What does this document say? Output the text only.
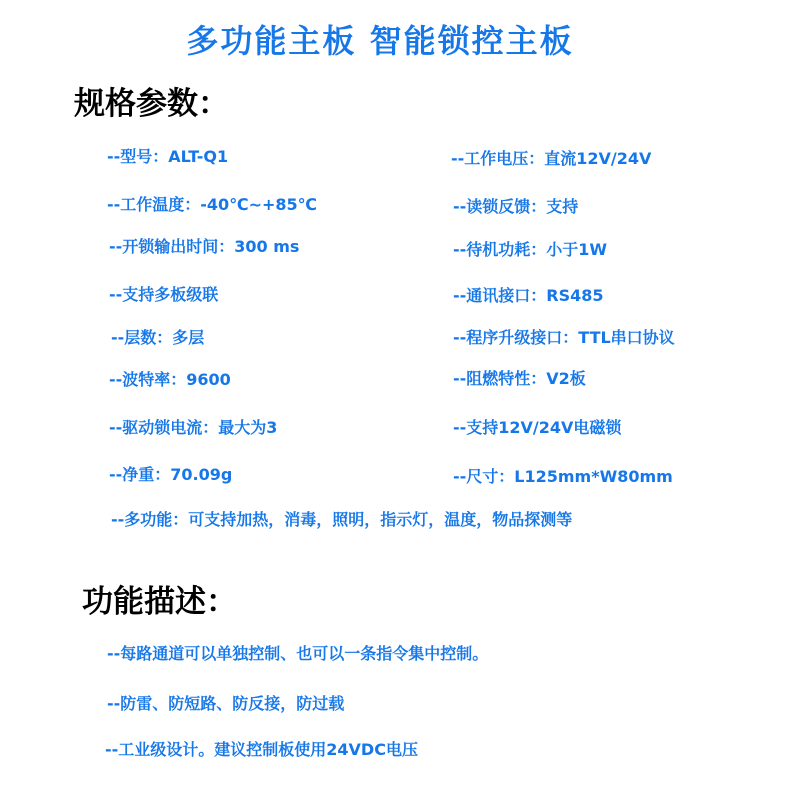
多功能主板 智能锁控主板
规格参数：
--型号：ALT-Q1
--工作温度：-40℃~+85℃
--开锁输出时间：300 ms
--支持多板级联
--层数：多层
--波特率：9600
--驱动锁电流：最大为3
--净重：70.09g
--工作电压：直流12V/24V
--读锁反馈：支持
--待机功耗：小于1W
--通讯接口：RS485
--程序升级接口：TTL串口协议
--阻燃特性：V2板
--支持12V/24V电磁锁
--尺寸：L125mm*W80mm
--多功能：可支持加热，消毒，照明，指示灯，温度，物品探测等
功能描述：
--每路通道可以单独控制、也可以一条指令集中控制。
--防雷、防短路、防反接，防过载
--工业级设计。建议控制板使用24VDC电压
